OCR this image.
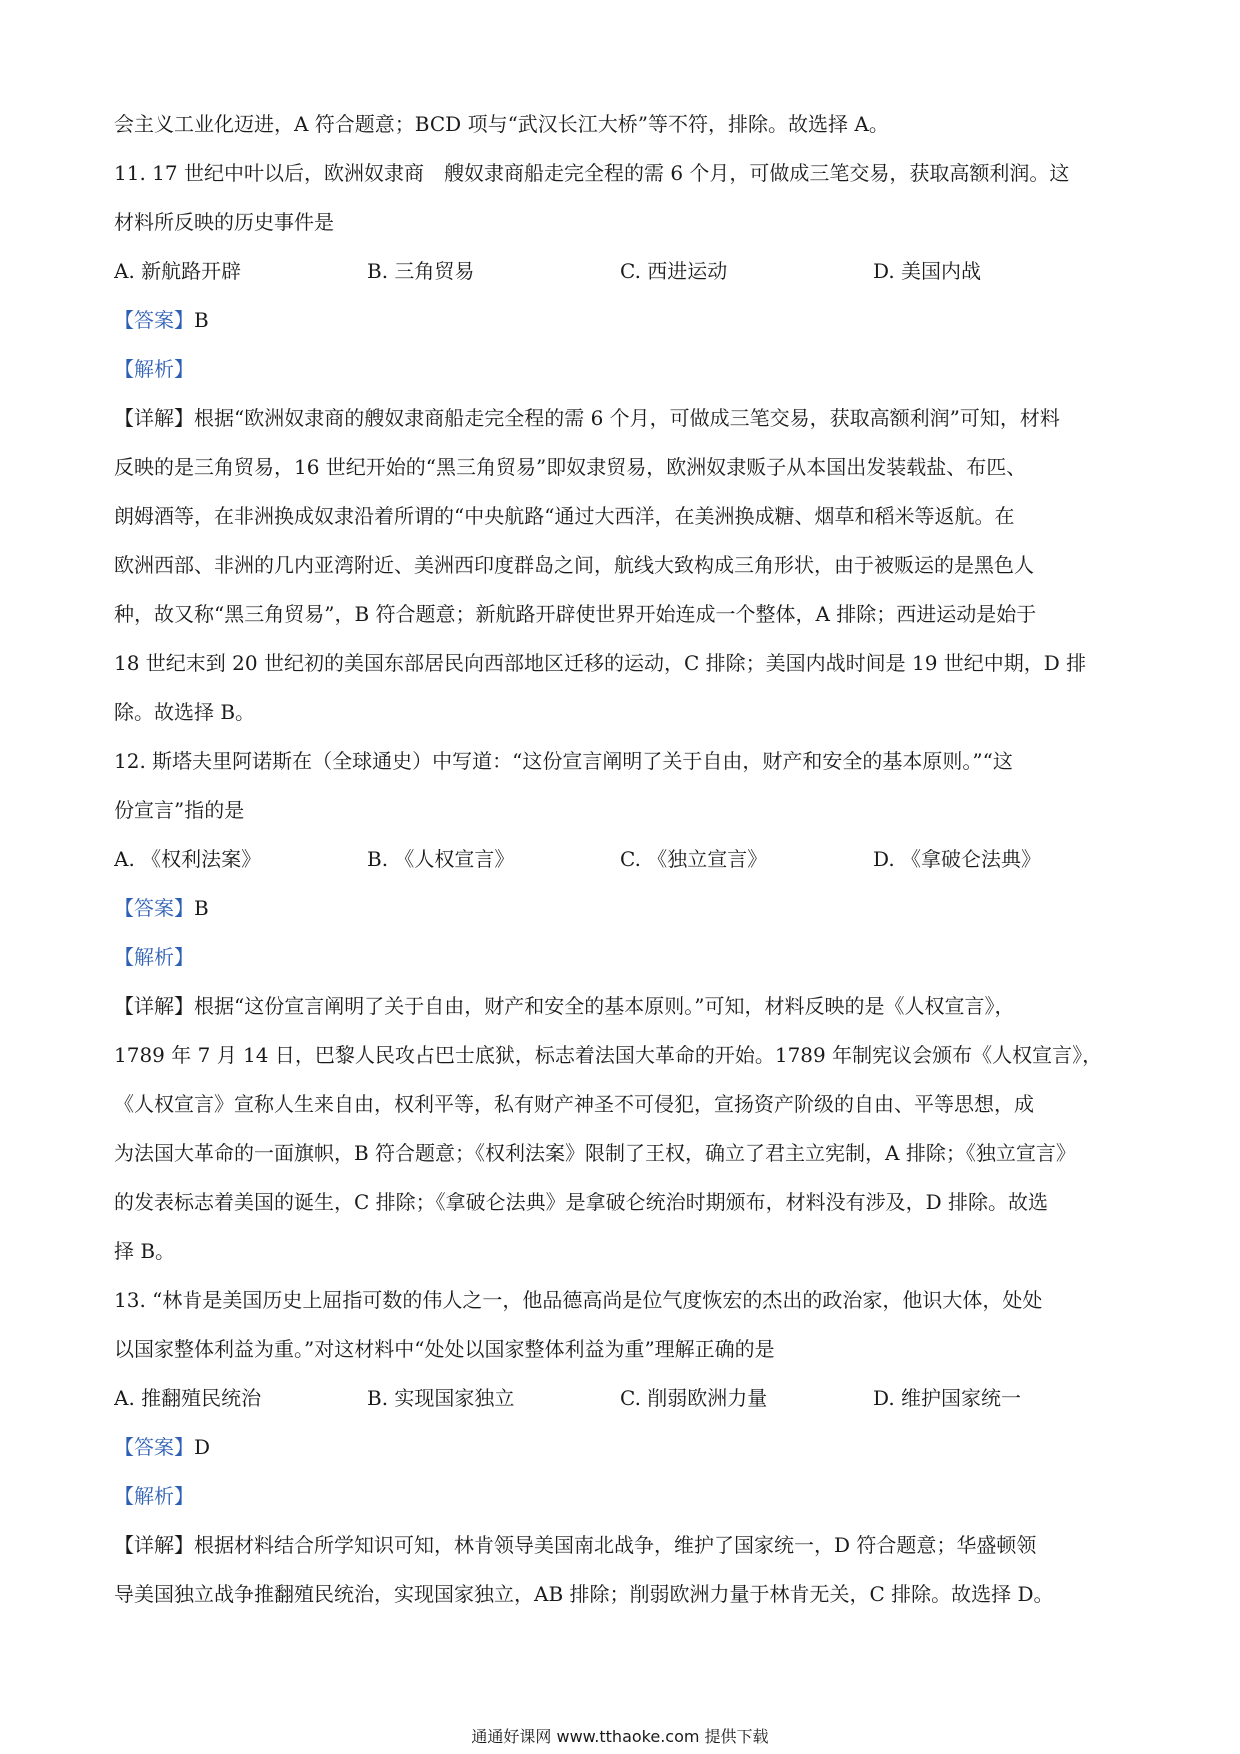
会主义工业化迈进，A 符合题意；BCD 项与“武汉长江大桥”等不符，排除。故选择 A。
11. 17 世纪中叶以后，欧洲奴隶商　艘奴隶商船走完全程的需 6 个月，可做成三笔交易，获取高额利润。这
材料所反映的历史事件是
A. 新航路开辟	B. 三角贸易	C. 西进运动	D. 美国内战
【答案】B
【解析】
【详解】根据“欧洲奴隶商的艘奴隶商船走完全程的需 6 个月，可做成三笔交易，获取高额利润”可知，材料
反映的是三角贸易，16 世纪开始的“黑三角贸易”即奴隶贸易，欧洲奴隶贩子从本国出发装载盐、布匹、
朗姆酒等，在非洲换成奴隶沿着所谓的“中央航路“通过大西洋，在美洲换成糖、烟草和稻米等返航。在
欧洲西部、非洲的几内亚湾附近、美洲西印度群岛之间，航线大致构成三角形状，由于被贩运的是黑色人
种，故又称“黑三角贸易”，B 符合题意；新航路开辟使世界开始连成一个整体，A 排除；西进运动是始于
18 世纪末到 20 世纪初的美国东部居民向西部地区迁移的运动，C 排除；美国内战时间是 19 世纪中期，D 排
除。故选择 B。
12. 斯塔夫里阿诺斯在（全球通史）中写道：“这份宣言阐明了关于自由，财产和安全的基本原则。”“这
份宣言”指的是
A. 《权利法案》	B. 《人权宣言》	C. 《独立宣言》	D. 《拿破仑法典》
【答案】B
【解析】
【详解】根据“这份宣言阐明了关于自由，财产和安全的基本原则。”可知，材料反映的是《人权宣言》，
1789 年 7 月 14 日，巴黎人民攻占巴士底狱，标志着法国大革命的开始。1789 年制宪议会颁布《人权宣言》，
《人权宣言》宣称人生来自由，权利平等，私有财产神圣不可侵犯，宣扬资产阶级的自由、平等思想，成
为法国大革命的一面旗帜，B 符合题意；《权利法案》限制了王权，确立了君主立宪制，A 排除；《独立宣言》
的发表标志着美国的诞生，C 排除；《拿破仑法典》是拿破仑统治时期颁布，材料没有涉及，D 排除。故选
择 B。
13. “林肯是美国历史上屈指可数的伟人之一，他品德高尚是位气度恢宏的杰出的政治家，他识大体，处处
以国家整体利益为重。”对这材料中“处处以国家整体利益为重”理解正确的是
A. 推翻殖民统治	B. 实现国家独立	C. 削弱欧洲力量	D. 维护国家统一
【答案】D
【解析】
【详解】根据材料结合所学知识可知，林肯领导美国南北战争，维护了国家统一，D 符合题意；华盛顿领
导美国独立战争推翻殖民统治，实现国家独立，AB 排除；削弱欧洲力量于林肯无关，C 排除。故选择 D。
通通好课网 www.tthaoke.com 提供下载
